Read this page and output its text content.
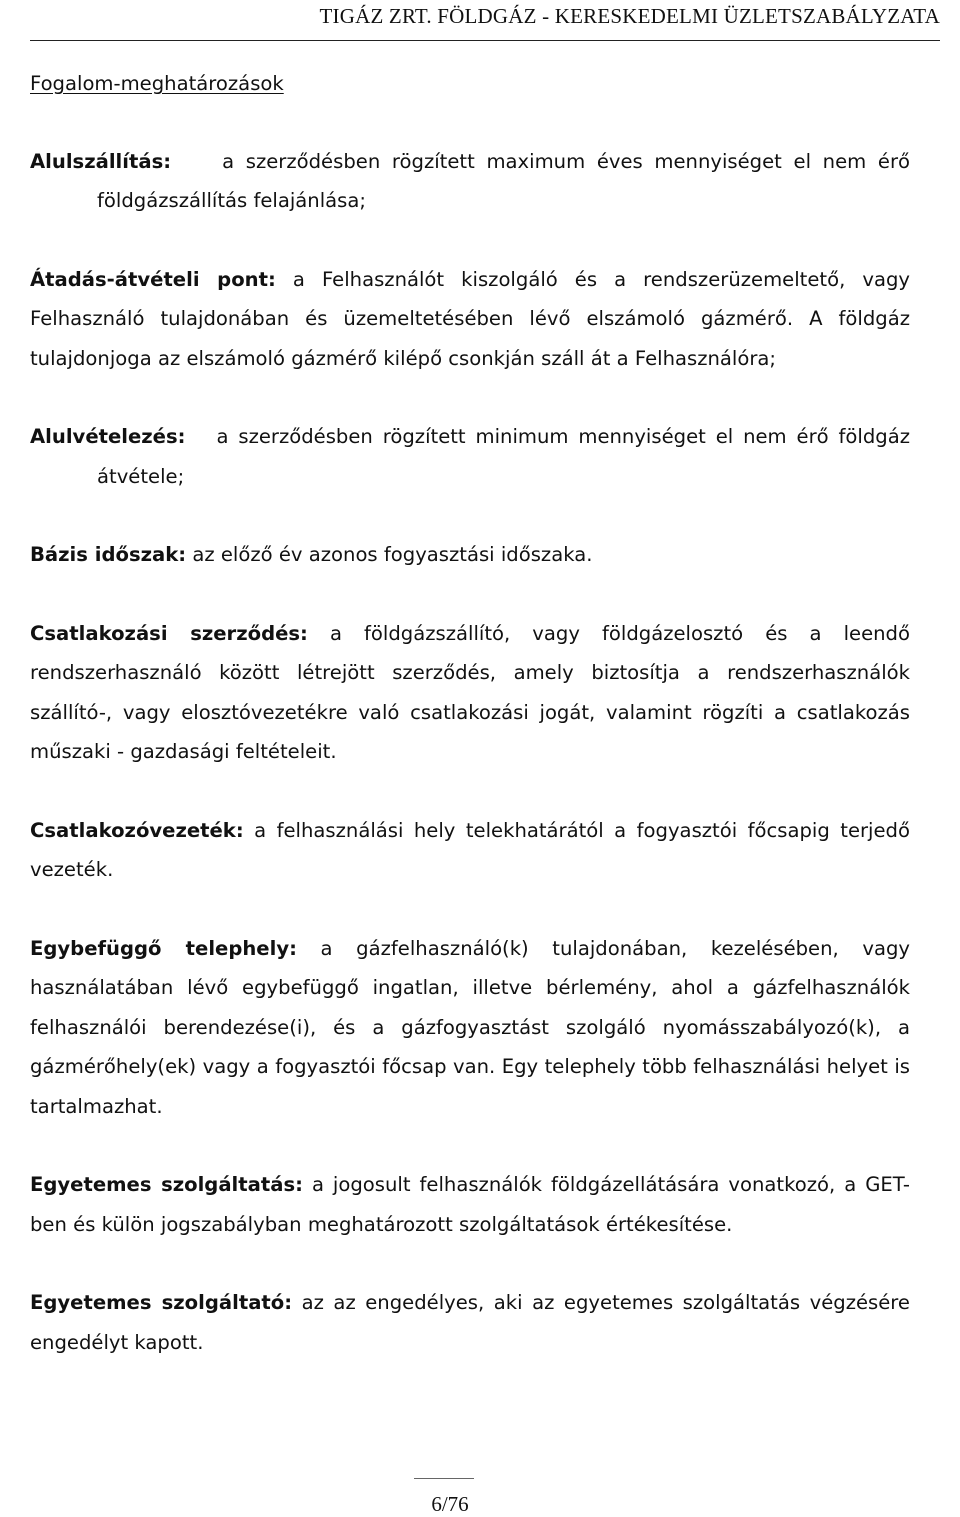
TIGÁZ ZRT. FÖLDGÁZ - KERESKEDELMI ÜZLETSZABÁLYZATA

Fogalom-meghatározások

Alulszállítás:	a szerződésben rögzített maximum éves mennyiséget el nem érő földgázszállítás felajánlása;

Átadás-átvételi pont: a Felhasználót kiszolgáló és a rendszerüzemeltető, vagy Felhasználó tulajdonában és üzemeltetésében lévő elszámoló gázmérő. A földgáz tulajdonjoga az elszámoló gázmérő kilépő csonkján száll át a Felhasználóra;

Alulvételezés: a szerződésben rögzített minimum mennyiséget el nem érő földgáz átvétele;

Bázis időszak: az előző év azonos fogyasztási időszaka.

Csatlakozási szerződés: a földgázszállító, vagy földgázelosztó és a leendő rendszerhasználó között létrejött szerződés, amely biztosítja a rendszerhasználók szállító-, vagy elosztóvezetékre való csatlakozási jogát, valamint rögzíti a csatlakozás műszaki - gazdasági feltételeit.

Csatlakozóvezeték: a felhasználási hely telekhatárától a fogyasztói főcsapig terjedő vezeték.

Egybefüggő telephely: a gázfelhasználó(k) tulajdonában, kezelésében, vagy használatában lévő egybefüggő ingatlan, illetve bérlemény, ahol a gázfelhasználók felhasználói berendezése(i), és a gázfogyasztást szolgáló nyomásszabályozó(k), a gázmérőhely(ek) vagy a fogyasztói főcsap van. Egy telephely több felhasználási helyet is tartalmazhat.

Egyetemes szolgáltatás: a jogosult felhasználók földgázellátására vonatkozó, a GET-ben és külön jogszabályban meghatározott szolgáltatások értékesítése.

Egyetemes szolgáltató: az az engedélyes, aki az egyetemes szolgáltatás végzésére engedélyt kapott.

6/76
